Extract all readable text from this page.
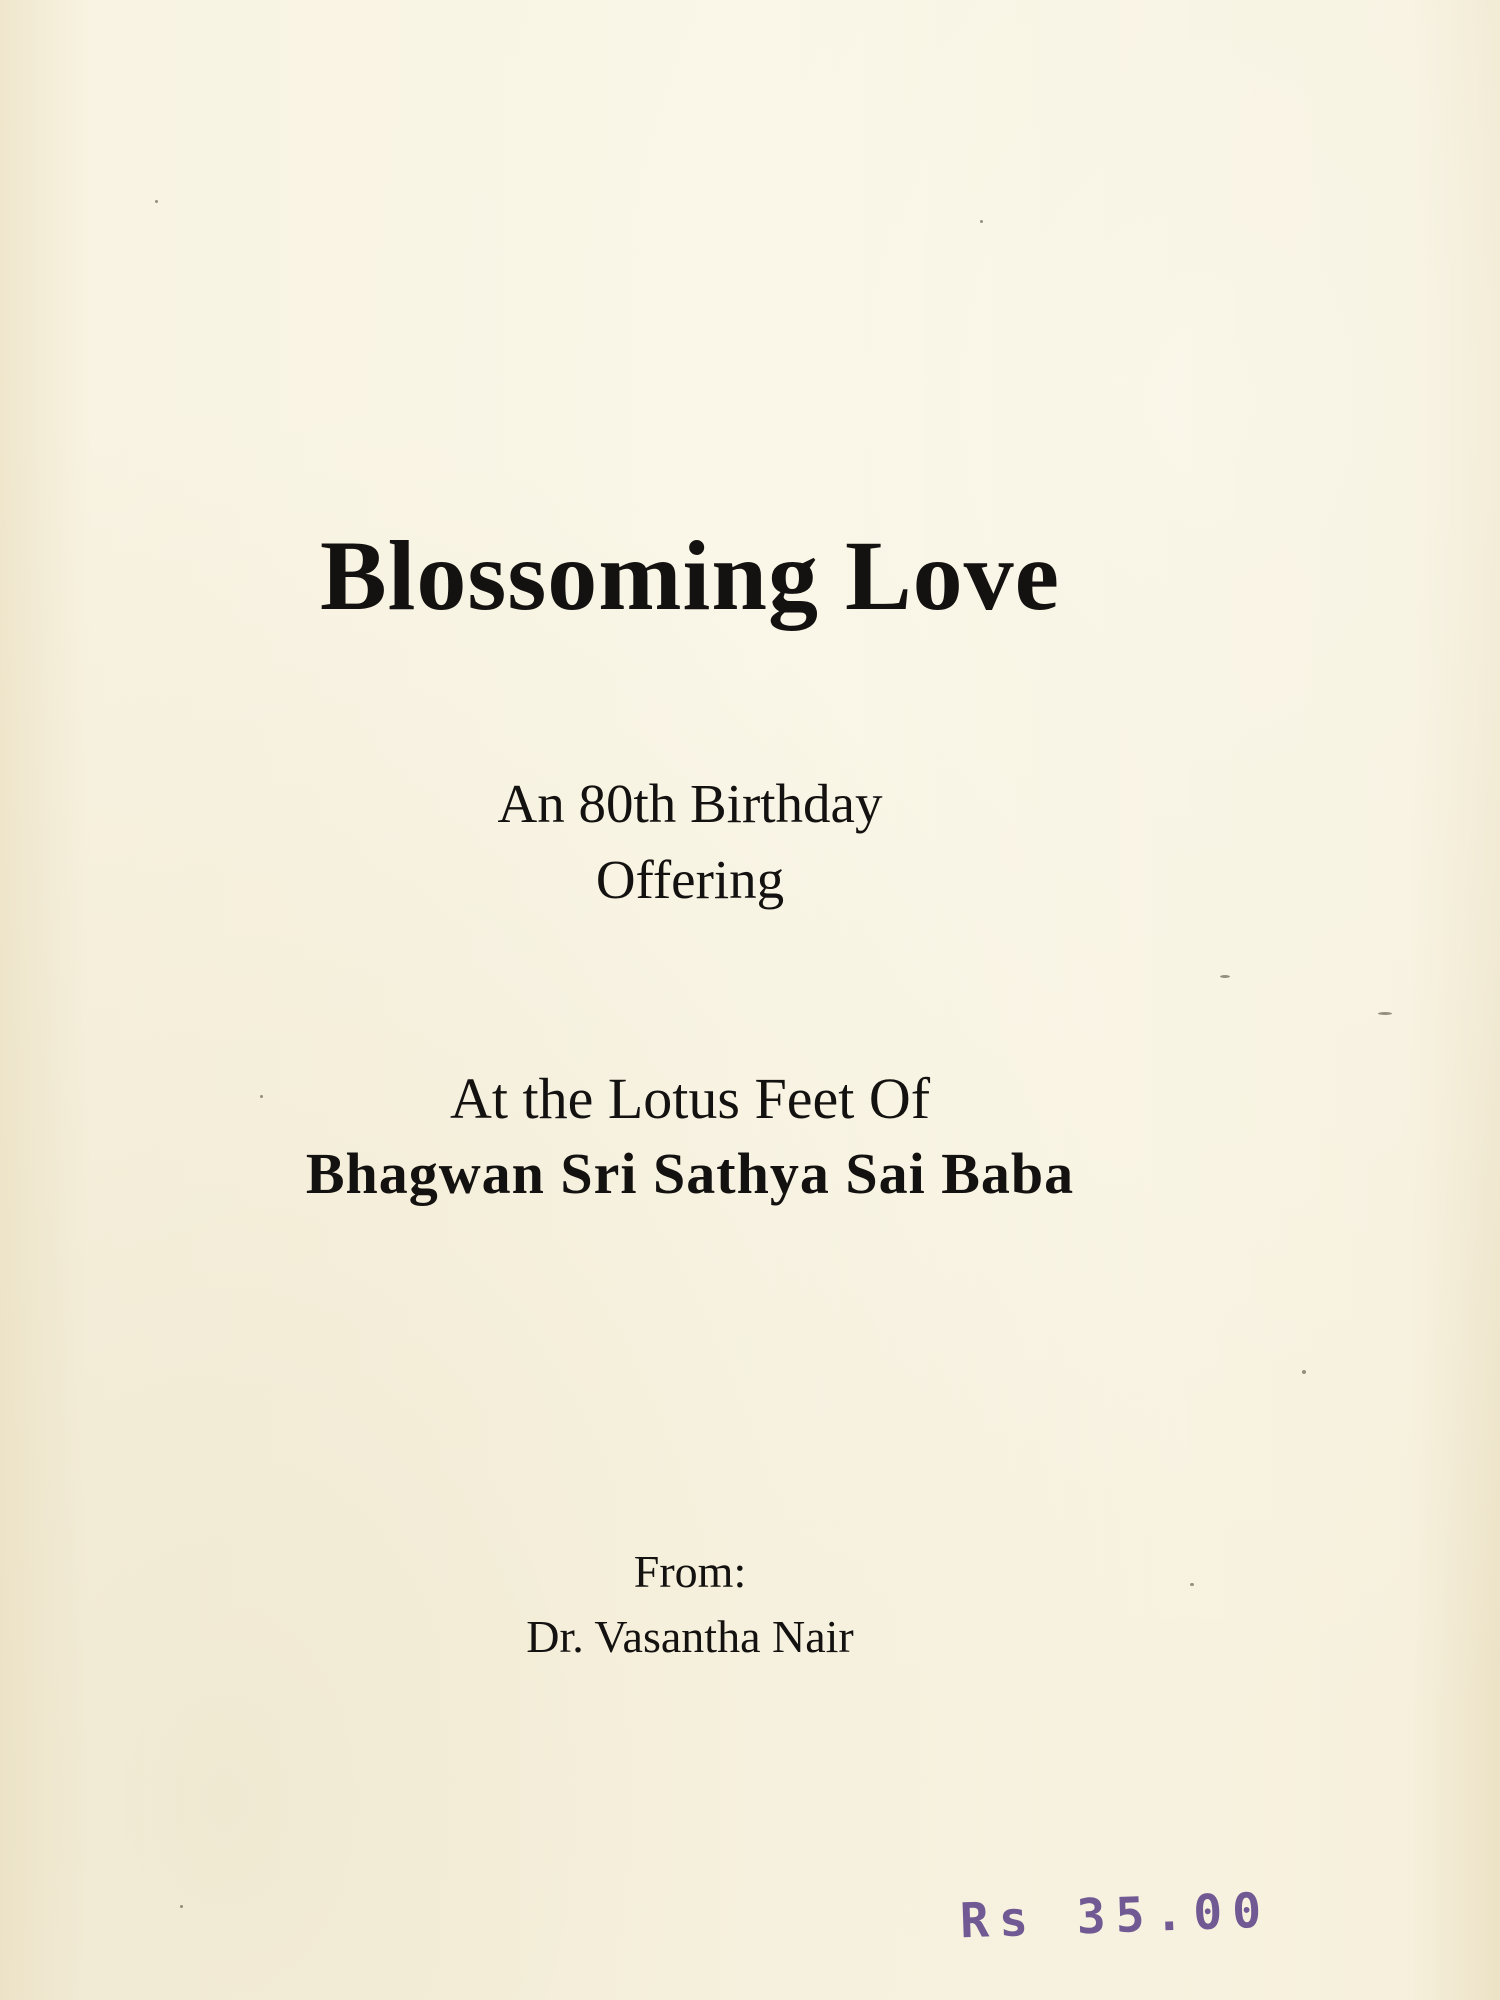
Blossoming Love
An 80th Birthday
Offering
At the Lotus Feet Of
Bhagwan Sri Sathya Sai Baba
From:
Dr. Vasantha Nair
Rs 35.00
